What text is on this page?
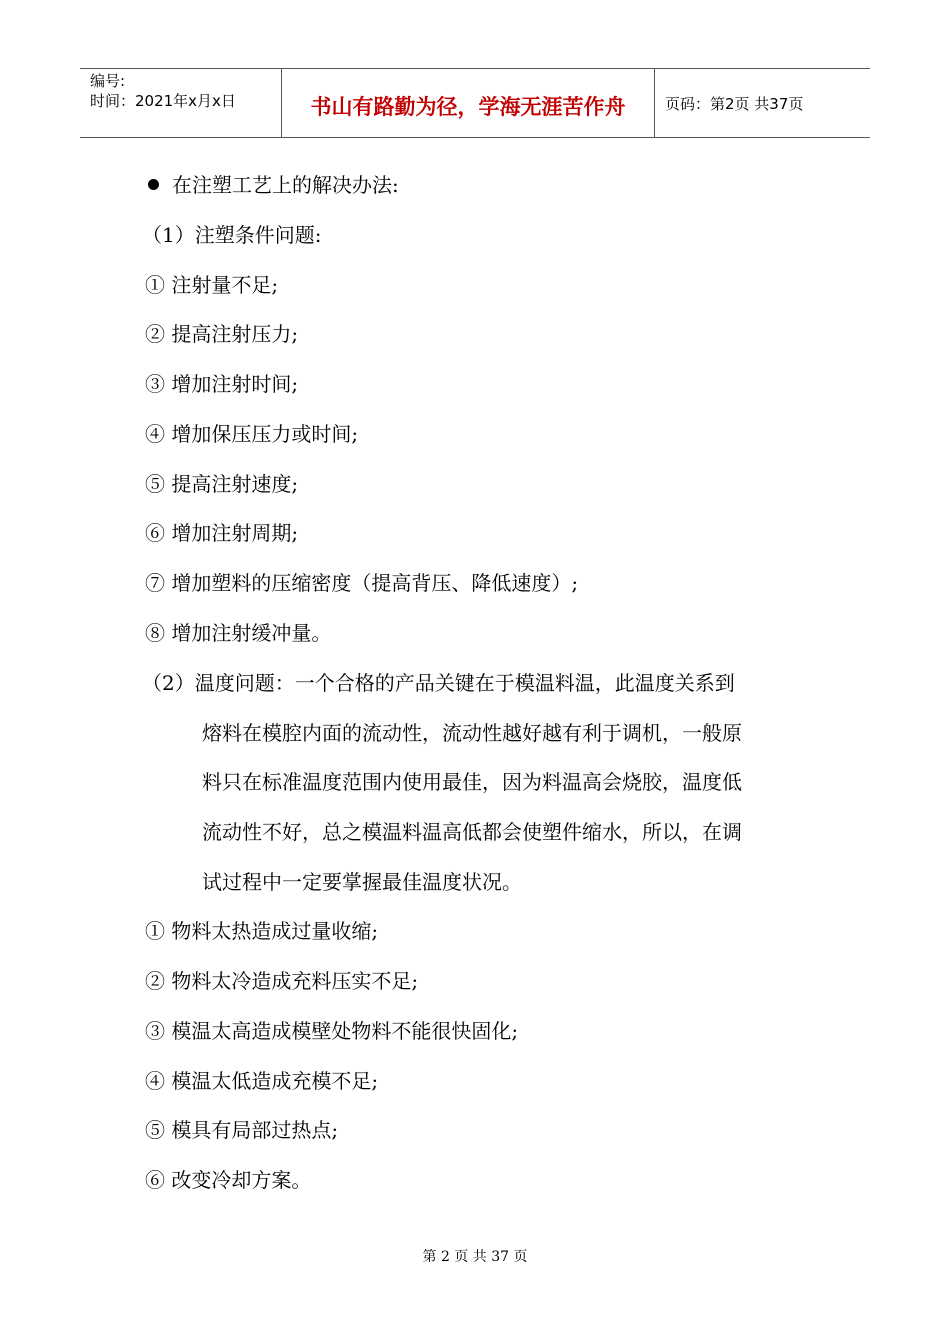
编号:
时间：2021年x月x日	书山有路勤为径，学海无涯苦作舟	页码：第2页 共37页
在注塑工艺上的解决办法:
（1）注塑条件问题:
① 注射量不足;
② 提高注射压力;
③ 增加注射时间;
④ 增加保压压力或时间;
⑤ 提高注射速度;
⑥ 增加注射周期;
⑦ 增加塑料的压缩密度（提高背压、降低速度）;
⑧ 增加注射缓冲量。
（2）温度问题：一个合格的产品关键在于模温料温，此温度关系到
熔料在模腔内面的流动性，流动性越好越有利于调机，一般原
料只在标准温度范围内使用最佳，因为料温高会烧胶，温度低
流动性不好，总之模温料温高低都会使塑件缩水，所以，在调
试过程中一定要掌握最佳温度状况。
① 物料太热造成过量收缩;
② 物料太冷造成充料压实不足;
③ 模温太高造成模壁处物料不能很快固化;
④ 模温太低造成充模不足;
⑤ 模具有局部过热点;
⑥ 改变冷却方案。
第 2 页 共 37 页
